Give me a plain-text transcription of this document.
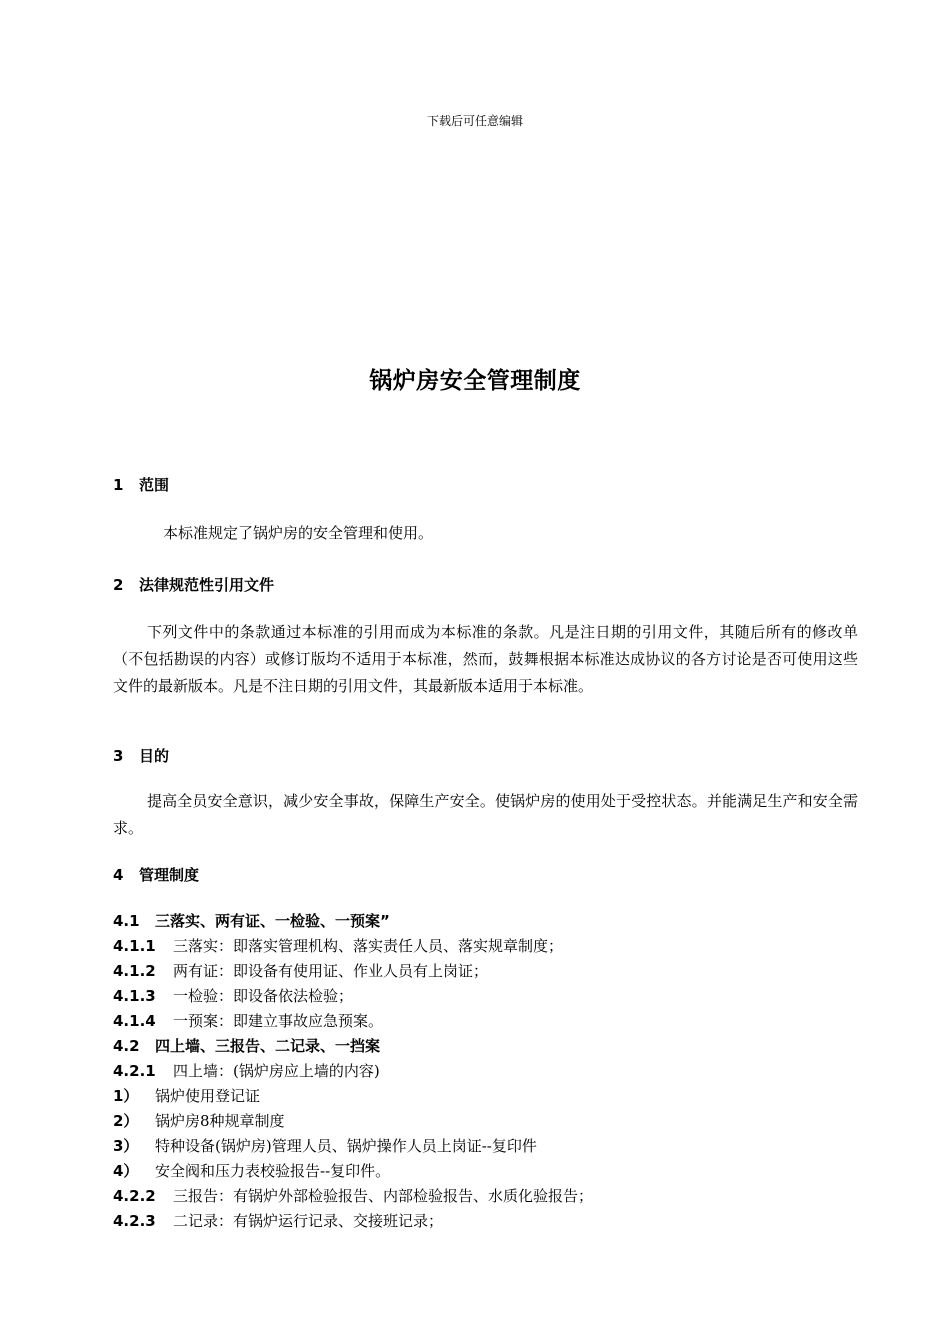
下载后可任意编辑
锅炉房安全管理制度
1 范围
本标准规定了锅炉房的安全管理和使用。
2 法律规范性引用文件
下列文件中的条款通过本标准的引用而成为本标准的条款。凡是注日期的引用文件，其随后所有的修改单（不包括勘误的内容）或修订版均不适用于本标准，然而，鼓舞根据本标准达成协议的各方讨论是否可使用这些文件的最新版本。凡是不注日期的引用文件，其最新版本适用于本标准。
3 目的
提高全员安全意识，减少安全事故，保障生产安全。使锅炉房的使用处于受控状态。并能满足生产和安全需求。
4 管理制度
4.1 三落实、两有证、一检验、一预案”
4.1.1 三落实：即落实管理机构、落实责任人员、落实规章制度；
4.1.2 两有证：即设备有使用证、作业人员有上岗证；
4.1.3 一检验：即设备依法检验；
4.1.4 一预案：即建立事故应急预案。
4.2 四上墙、三报告、二记录、一挡案
4.2.1 四上墙：(锅炉房应上墙的内容)
1） 锅炉使用登记证
2） 锅炉房8种规章制度
3） 特种设备(锅炉房)管理人员、锅炉操作人员上岗证--复印件
4） 安全阀和压力表校验报告--复印件。
4.2.2 三报告：有锅炉外部检验报告、内部检验报告、水质化验报告；
4.2.3 二记录：有锅炉运行记录、交接班记录；
